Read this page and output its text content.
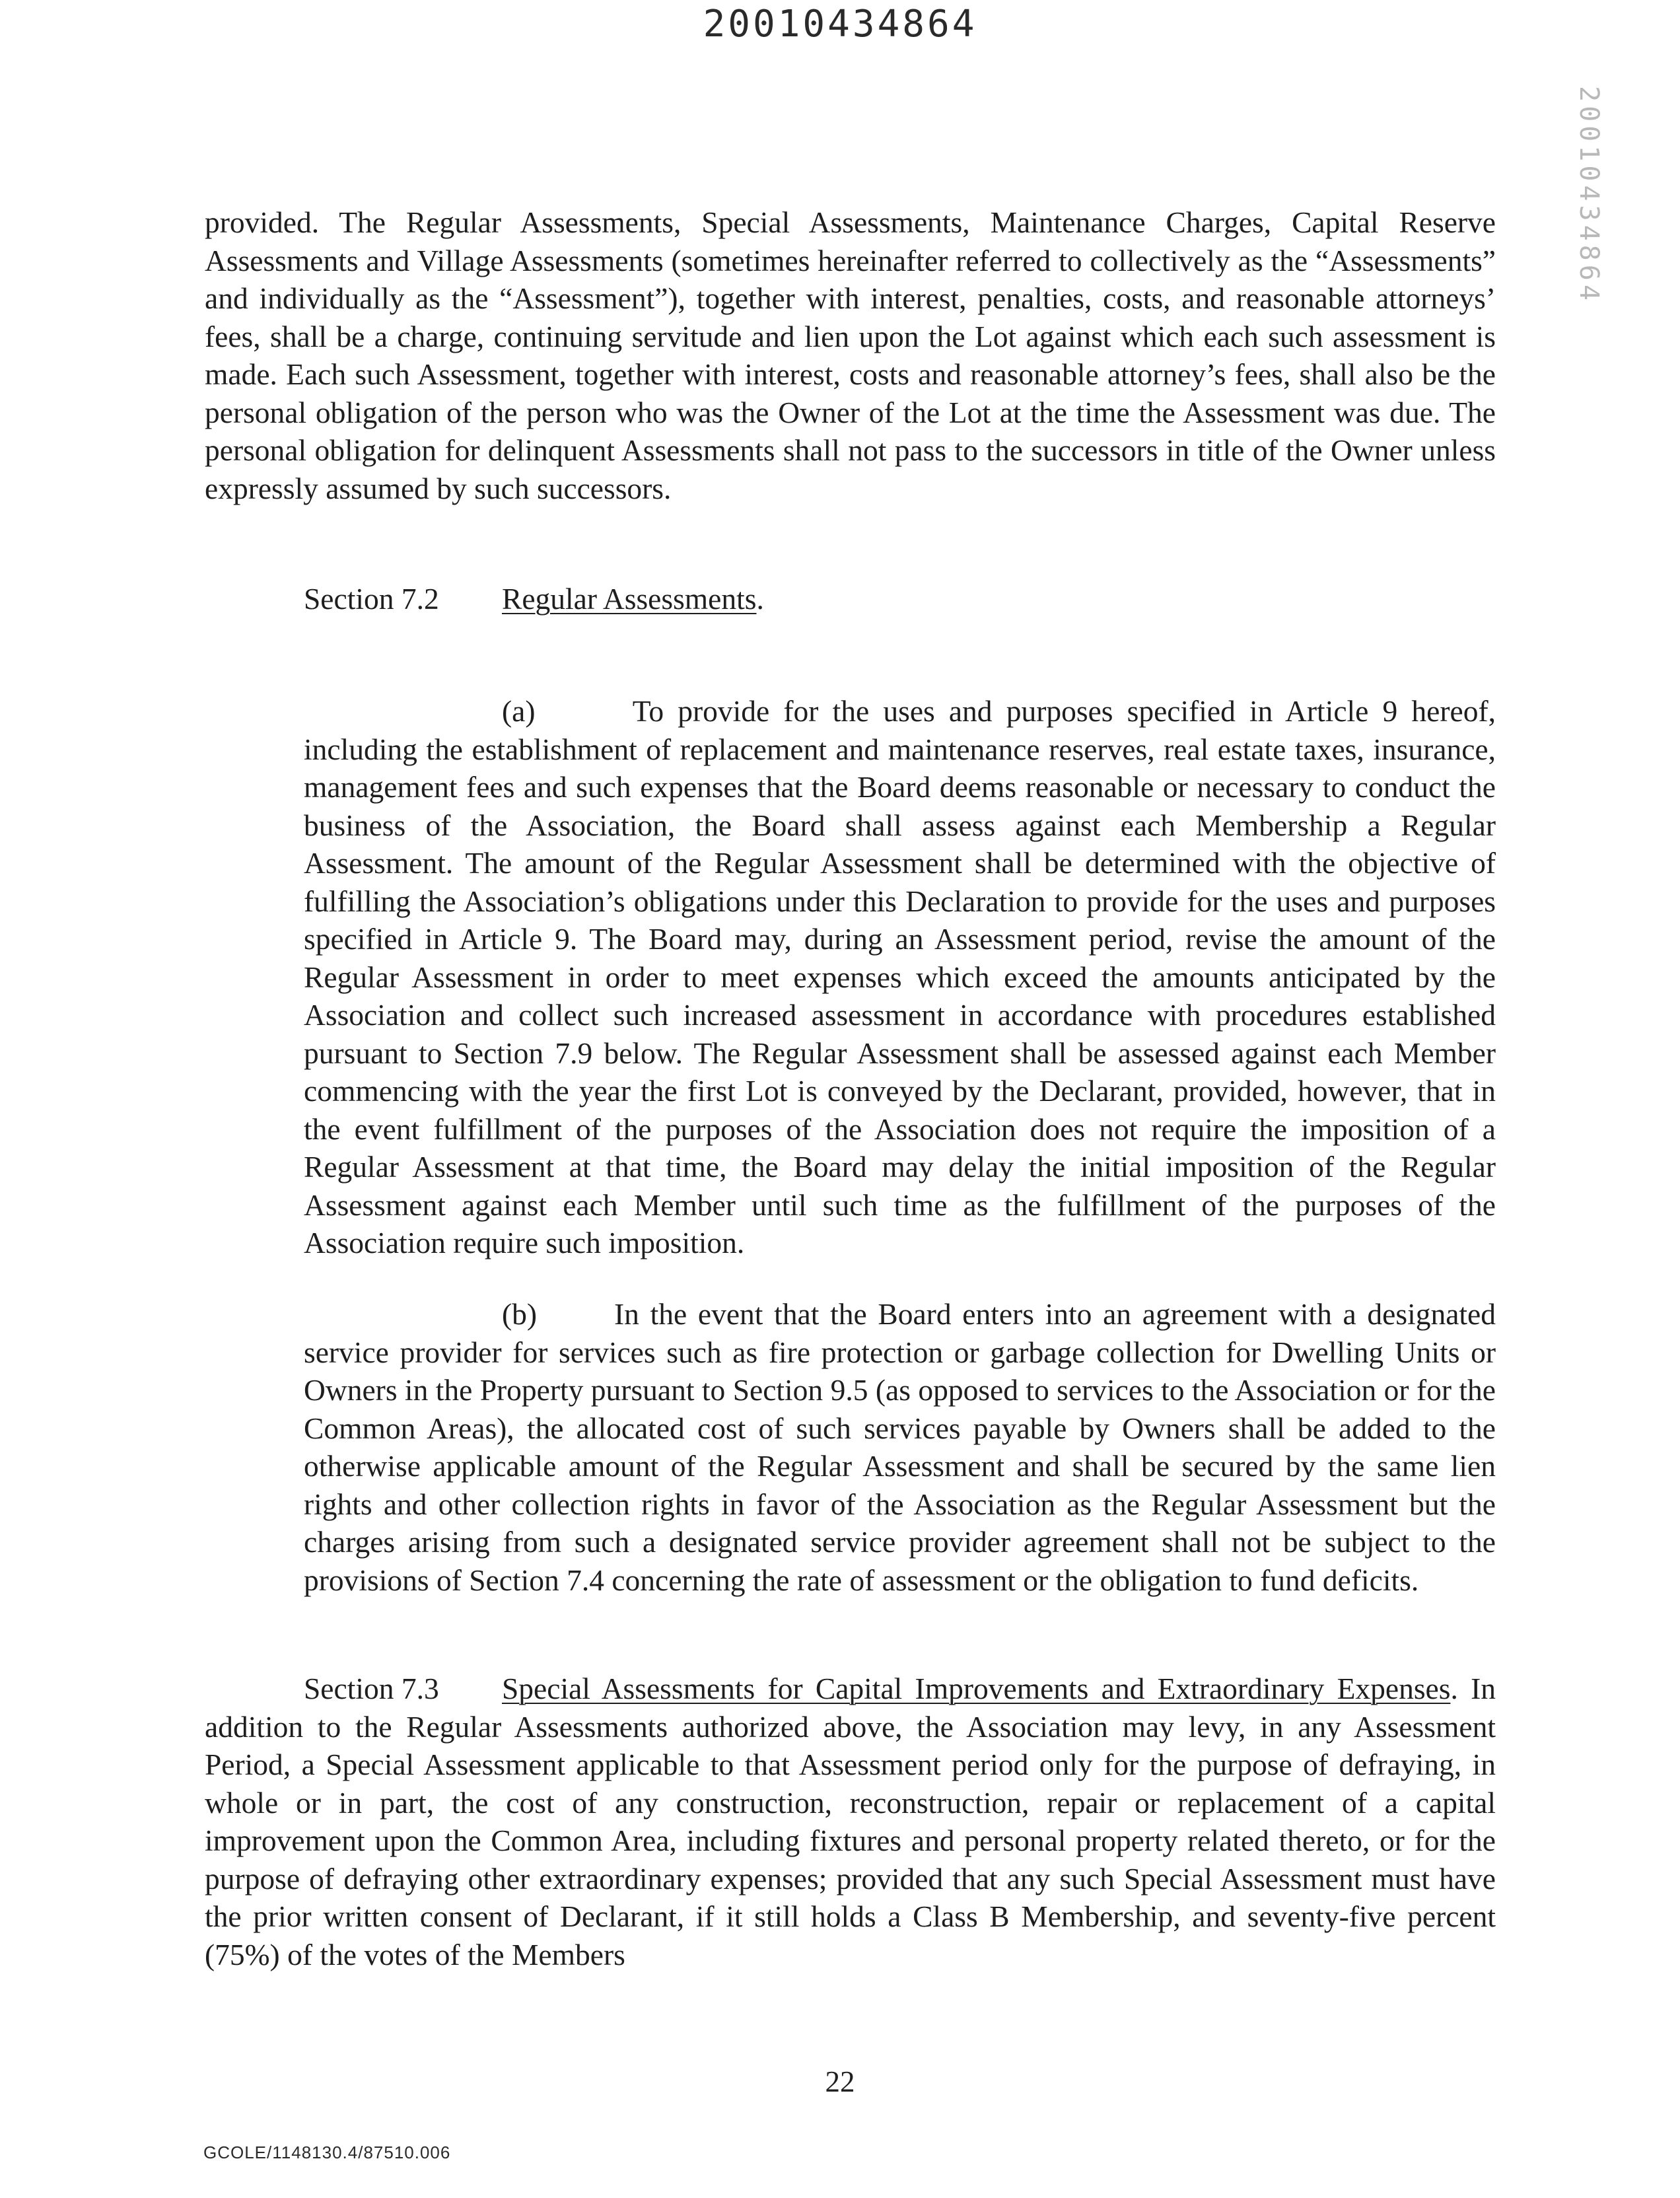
20010434864
20010434864

provided. The Regular Assessments, Special Assessments, Maintenance Charges, Capital Reserve Assessments and Village Assessments (sometimes hereinafter referred to collectively as the “Assessments” and individually as the “Assessment”), together with interest, penalties, costs, and reasonable attorneys’ fees, shall be a charge, continuing servitude and lien upon the Lot against which each such assessment is made. Each such Assessment, together with interest, costs and reasonable attorney’s fees, shall also be the personal obligation of the person who was the Owner of the Lot at the time the Assessment was due. The personal obligation for delinquent Assessments shall not pass to the successors in title of the Owner unless expressly assumed by such successors.

Section 7.2 Regular Assessments.

(a)	To provide for the uses and purposes specified in Article 9 hereof, including the establishment of replacement and maintenance reserves, real estate taxes, insurance, management fees and such expenses that the Board deems reasonable or necessary to conduct the business of the Association, the Board shall assess against each Membership a Regular Assessment. The amount of the Regular Assessment shall be determined with the objective of fulfilling the Association’s obligations under this Declaration to provide for the uses and purposes specified in Article 9. The Board may, during an Assessment period, revise the amount of the Regular Assessment in order to meet expenses which exceed the amounts anticipated by the Association and collect such increased assessment in accordance with procedures established pursuant to Section 7.9 below. The Regular Assessment shall be assessed against each Member commencing with the year the first Lot is conveyed by the Declarant, provided, however, that in the event fulfillment of the purposes of the Association does not require the imposition of a Regular Assessment at that time, the Board may delay the initial imposition of the Regular Assessment against each Member until such time as the fulfillment of the purposes of the Association require such imposition.

(b)	In the event that the Board enters into an agreement with a designated service provider for services such as fire protection or garbage collection for Dwelling Units or Owners in the Property pursuant to Section 9.5 (as opposed to services to the Association or for the Common Areas), the allocated cost of such services payable by Owners shall be added to the otherwise applicable amount of the Regular Assessment and shall be secured by the same lien rights and other collection rights in favor of the Association as the Regular Assessment but the charges arising from such a designated service provider agreement shall not be subject to the provisions of Section 7.4 concerning the rate of assessment or the obligation to fund deficits.

Section 7.3 Special Assessments for Capital Improvements and Extraordinary Expenses. In addition to the Regular Assessments authorized above, the Association may levy, in any Assessment Period, a Special Assessment applicable to that Assessment period only for the purpose of defraying, in whole or in part, the cost of any construction, reconstruction, repair or replacement of a capital improvement upon the Common Area, including fixtures and personal property related thereto, or for the purpose of defraying other extraordinary expenses; provided that any such Special Assessment must have the prior written consent of Declarant, if it still holds a Class B Membership, and seventy-five percent (75%) of the votes of the Members

22
GCOLE/1148130.4/87510.006
